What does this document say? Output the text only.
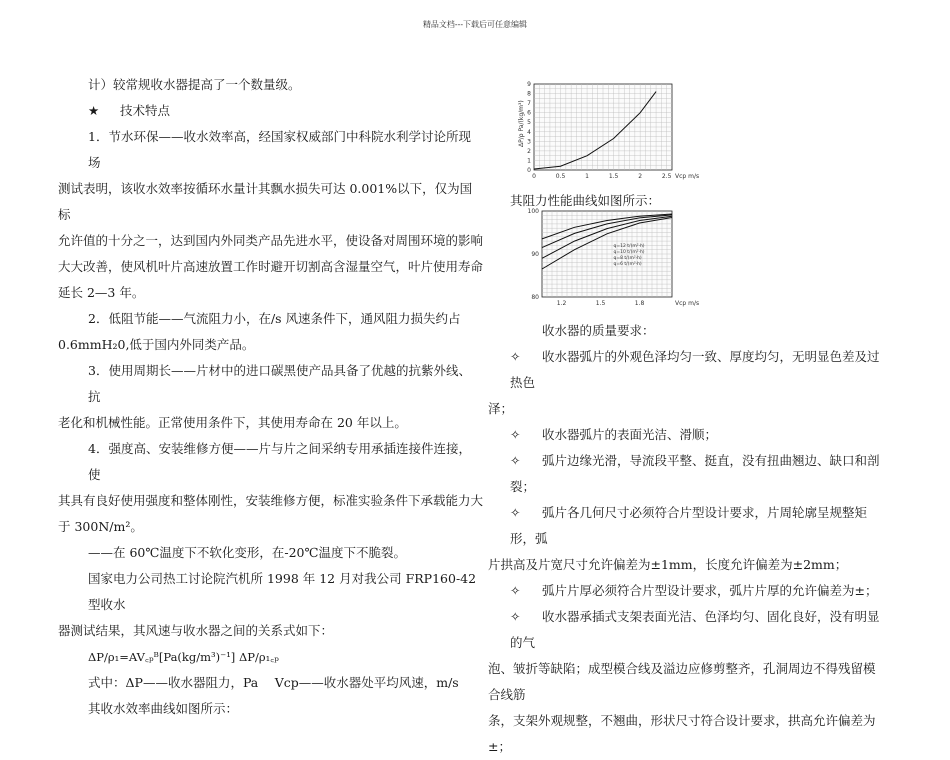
精品文档---下载后可任意编辑

计）较常规收水器提高了一个数量级。

★ 技术特点

1．节水环保——收水效率高，经国家权威部门中科院水利学讨论所现场

测试表明，该收水效率按循环水量计其飘水损失可达 0.001%以下，仅为国标

允许值的十分之一，达到国内外同类产品先进水平，使设备对周围环境的影响

大大改善，使风机叶片高速放置工作时避开切割高含湿量空气，叶片使用寿命

延长 2—3 年。

2．低阻节能——气流阻力小，在/s 风速条件下，通风阻力损失约占

0.6mmH₂0,低于国内外同类产品。

3．使用周期长——片材中的进口碳黑使产品具备了优越的抗紫外线、抗

老化和机械性能。正常使用条件下，其使用寿命在 20 年以上。

4．强度高、安装维修方便——片与片之间采纳专用承插连接件连接，使

其具有良好使用强度和整体刚性，安装维修方便，标准实验条件下承载能力大

于 300N/m²。

——在 60℃温度下不软化变形，在-20℃温度下不脆裂。

国家电力公司热工讨论院汽机所 1998 年 12 月对我公司 FRP160-42 型收水

器测试结果，其风速与收水器之间的关系式如下：

ΔP/ρ₁=AV꜀ₚᴮ[Pa(kg/m³)⁻¹] ΔP/ρ₁꜀ₚ

式中：ΔP——收水器阻力，Pa　 Vcp——收水器处平均风速，m/s

其收水效率曲线如图所示：

0	0.5	1	1.5	2	2.5
0
1
2
3
4
5
6
7
8
9
Vcp m/s
ΔP/ρ Pa/(kg/m³)
1.2	1.5	1.8
80
90
100
Vcp m/s
q=12 t/(m²·h)
q=10 t/(m²·h)
q=8 t/(m²·h)
q=6 t/(m²·h)

其阻力性能曲线如图所示：

收水器的质量要求：

✧ 收水器弧片的外观色泽均匀一致、厚度均匀，无明显色差及过热色

泽；

✧ 收水器弧片的表面光洁、滑顺；

✧ 弧片边缘光滑，导流段平整、挺直，没有扭曲翘边、缺口和剖裂；

✧ 弧片各几何尺寸必须符合片型设计要求，片周轮廓呈规整矩形，弧

片拱高及片宽尺寸允许偏差为±1mm，长度允许偏差为±2mm；

✧ 弧片片厚必须符合片型设计要求，弧片片厚的允许偏差为±；

✧ 收水器承插式支架表面光洁、色泽均匀、固化良好，没有明显的气

泡、皱折等缺陷；成型模合线及溢边应修剪整齐，孔洞周边不得残留模合线筋

条，支架外观规整，不翘曲，形状尺寸符合设计要求，拱高允许偏差为±；
